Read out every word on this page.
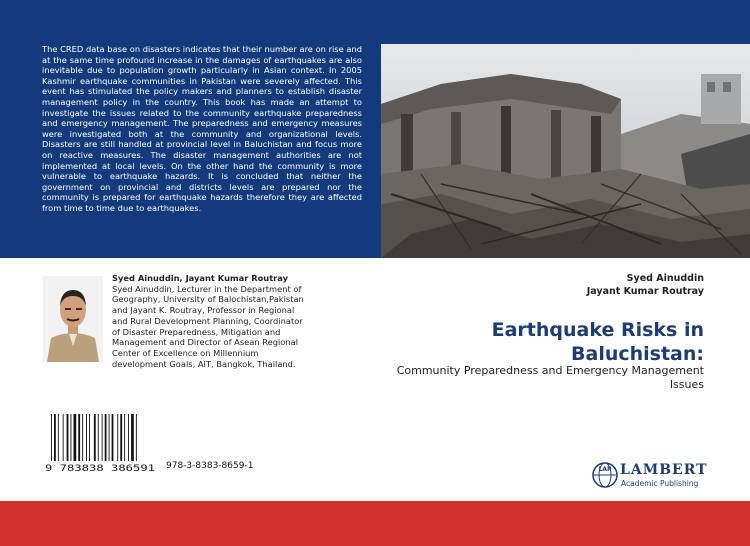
The CRED data base on disasters indicates that their number are on rise and at the same time profound increase in the damages of earthquakes are also inevitable due to population growth particularly in Asian context. In 2005 Kashmir earthquake communities in Pakistan were severely affected. This event has stimulated the policy makers and planners to establish disaster management policy in the country. This book has made an attempt to investigate the issues related to the community earthquake preparedness and emergency management. The preparedness and emergency measures were investigated both at the community and organizational levels. Disasters are still handled at provincial level in Baluchistan and focus more on reactive measures. The disaster management authorities are not implemented at local levels. On the other hand the community is more vulnerable to earthquake hazards. It is concluded that neither the government on provincial and districts levels are prepared nor the community is prepared for earthquake hazards therefore they are affected from time to time due to earthquakes.

Syed Ainuddin, Jayant Kumar Routray
Syed Ainuddin, Lecturer in the Department of Geography, University of Balochistan,Pakistan and Jayant K. Routray, Professor in Regional and Rural Development Planning, Coordinator of Disaster Preparedness, Mitigation and Management and Director of Asean Regional Center of Excellence on Millennium development Goals, AIT, Bangkok, Thailand.
Syed Ainuddin
Jayant Kumar Routray
Earthquake Risks in
Baluchistan:
Community Preparedness and Emergency Management
Issues
9 783838 386591 978-3-8383-8659-1	LAP LAMBERT
Academic Publishing
